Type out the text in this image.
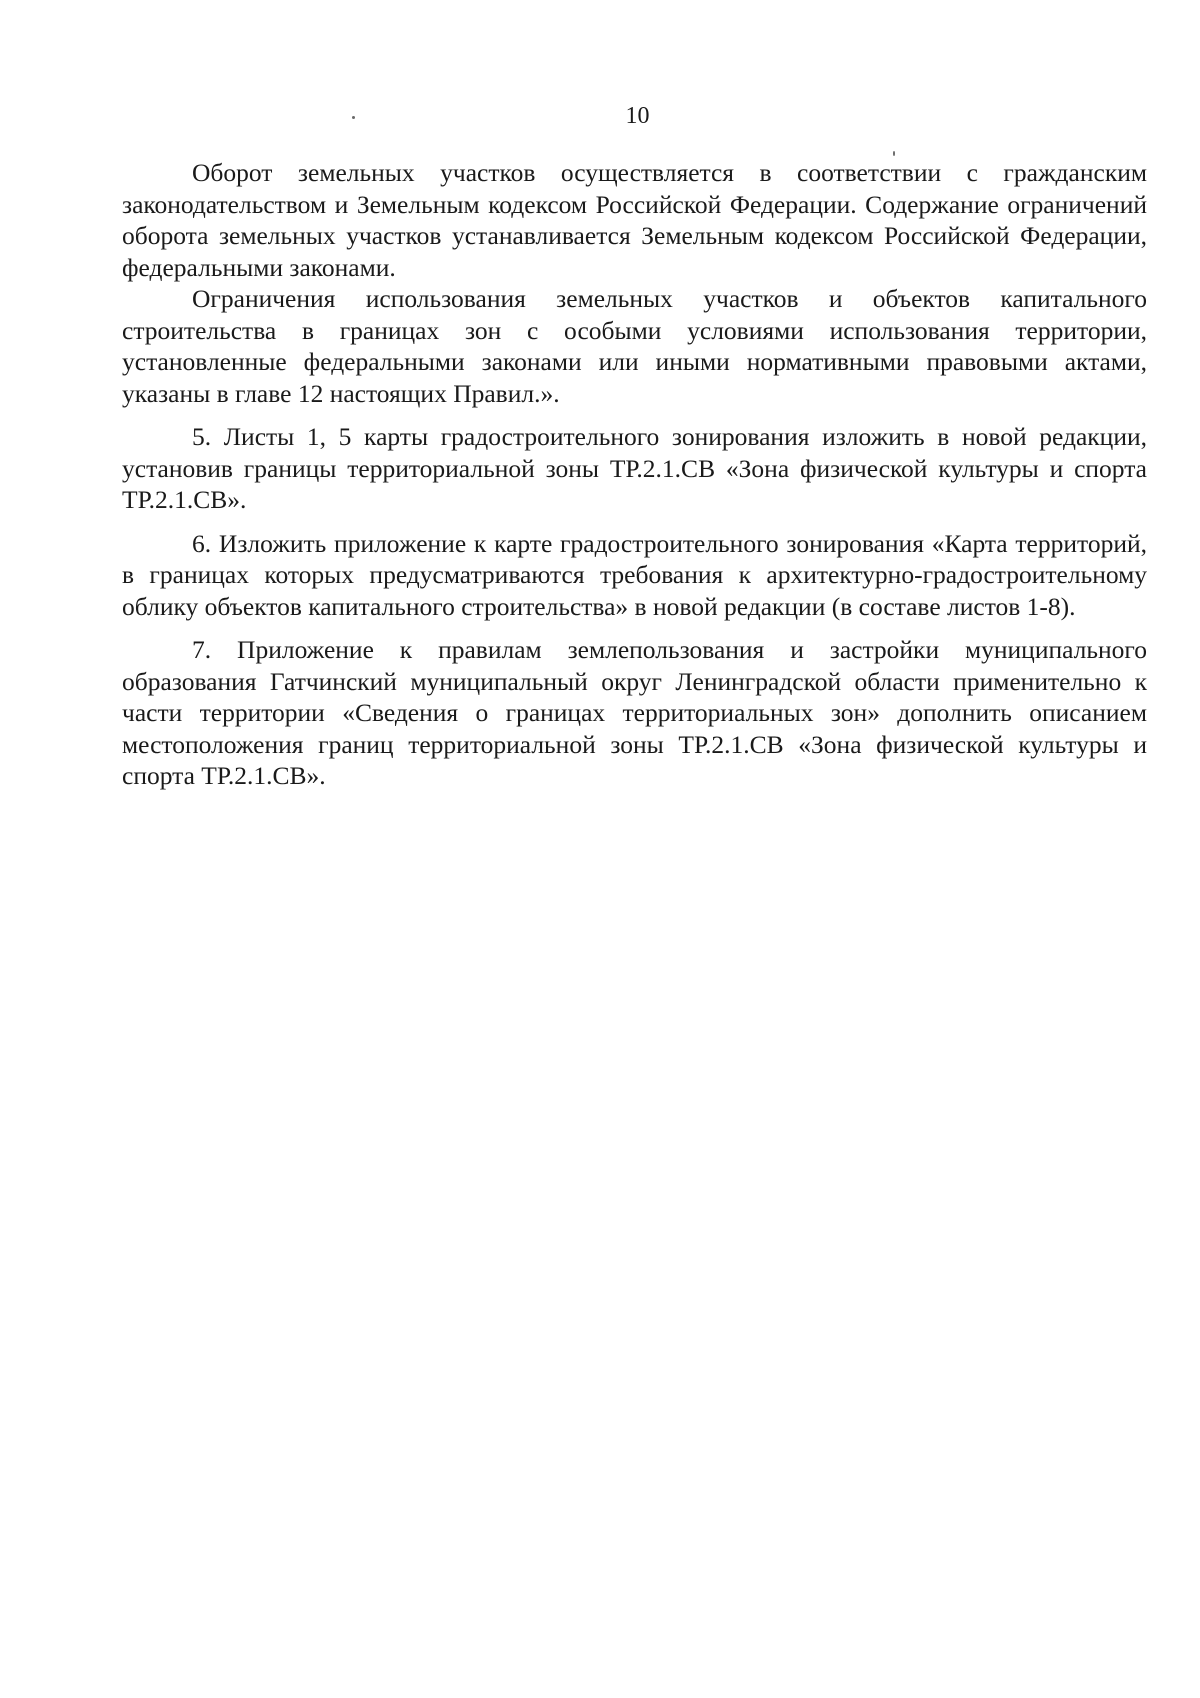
10

Оборот земельных участков осуществляется в соответствии с гражданским законодательством и Земельным кодексом Российской Федерации. Содержание ограничений оборота земельных участков устанавливается Земельным кодексом Российской Федерации, федеральными законами.

Ограничения использования земельных участков и объектов капитального строительства в границах зон с особыми условиями использования территории, установленные федеральными законами или иными нормативными правовыми актами, указаны в главе 12 настоящих Правил.».

5. Листы 1, 5 карты градостроительного зонирования изложить в новой редакции, установив границы территориальной зоны ТР.2.1.СВ «Зона физической культуры и спорта ТР.2.1.СВ».

6. Изложить приложение к карте градостроительного зонирования «Карта территорий, в границах которых предусматриваются требования к архитектурно-градостроительному облику объектов капитального строительства» в новой редакции (в составе листов 1-8).

7. Приложение к правилам землепользования и застройки муниципального образования Гатчинский муниципальный округ Ленинградской области применительно к части территории «Сведения о границах территориальных зон» дополнить описанием местоположения границ территориальной зоны ТР.2.1.СВ «Зона физической культуры и спорта ТР.2.1.СВ».
